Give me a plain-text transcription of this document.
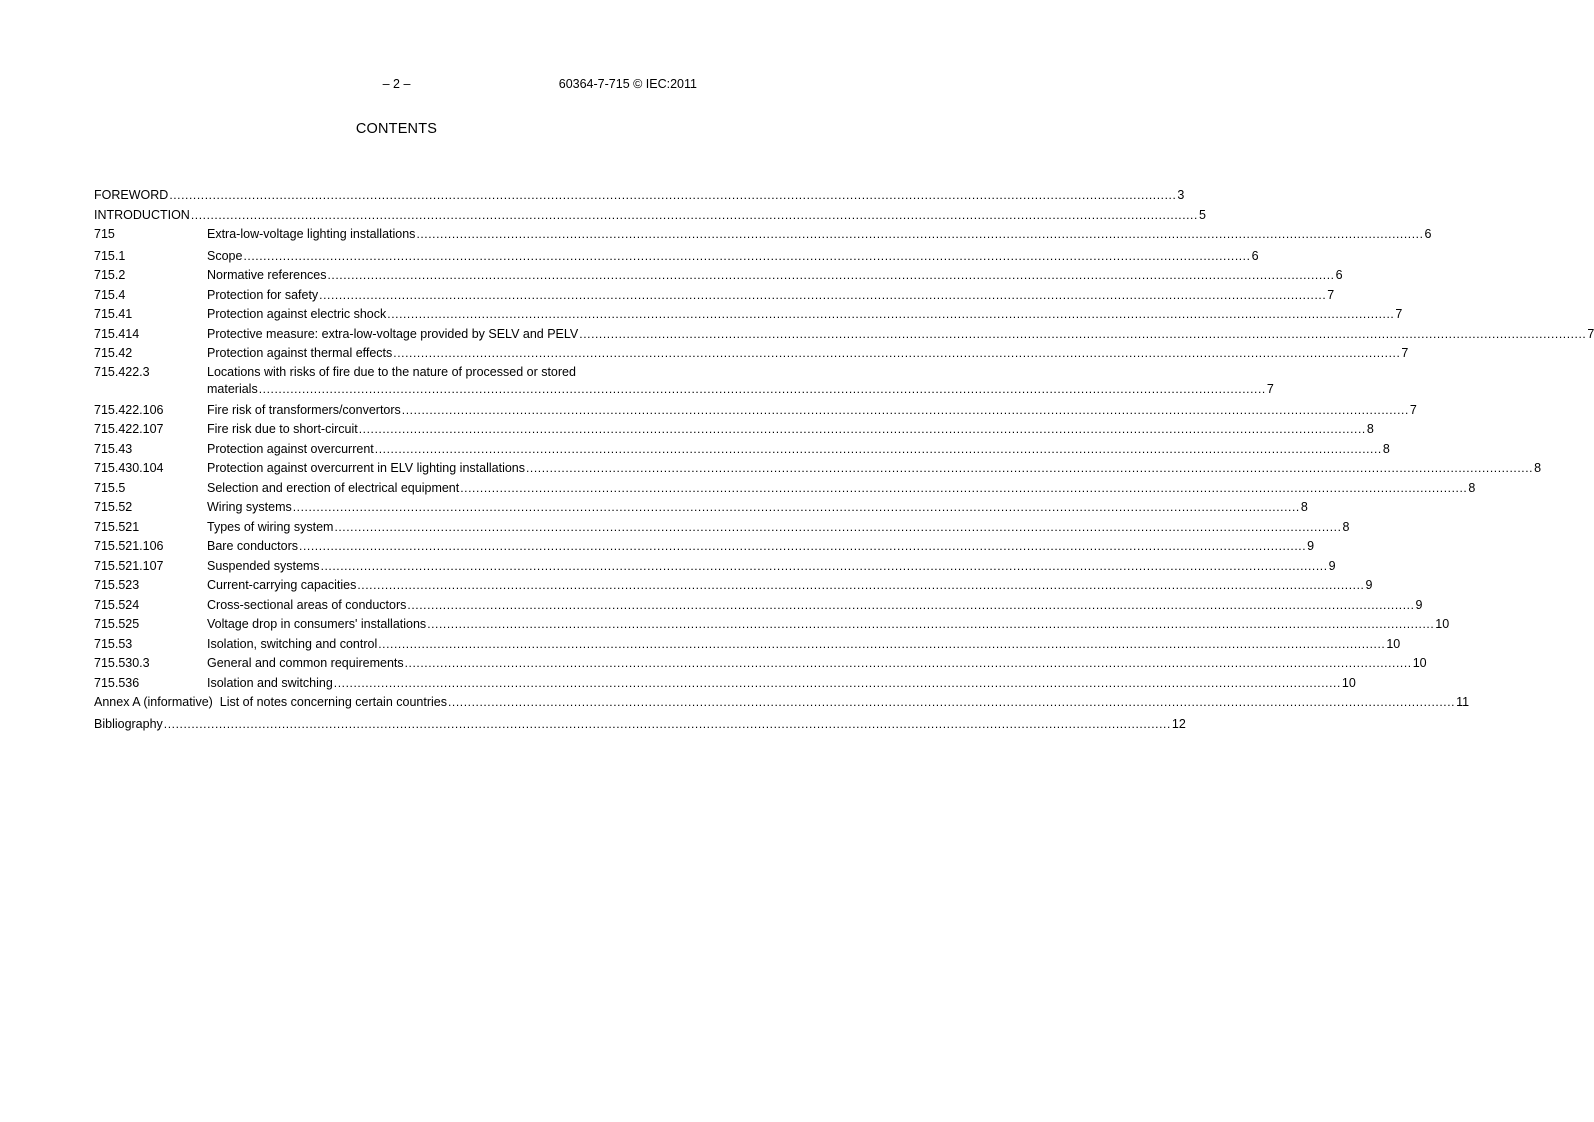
– 2 –	60364-7-715 © IEC:2011
CONTENTS
FOREWORD .....	3
INTRODUCTION .....	5
715	Extra-low-voltage lighting installations .....	6
715.1	Scope .....	6
715.2	Normative references .....	6
715.4	Protection for safety .....	7
715.41	Protection against electric shock .....	7
715.414	Protective measure: extra-low-voltage provided by SELV and PELV .....	7
715.42	Protection against thermal effects .....	7
715.422.3	Locations with risks of fire due to the nature of processed or stored
materials .....	7
715.422.106	Fire risk of transformers/convertors .....	7
715.422.107	Fire risk due to short-circuit .....	8
715.43	Protection against overcurrent .....	8
715.430.104	Protection against overcurrent in ELV lighting installations .....	8
715.5	Selection and erection of electrical equipment .....	8
715.52	Wiring systems .....	8
715.521	Types of wiring system .....	8
715.521.106	Bare conductors .....	9
715.521.107	Suspended systems .....	9
715.523	Current-carrying capacities .....	9
715.524	Cross-sectional areas of conductors .....	9
715.525	Voltage drop in consumers' installations .....	10
715.53	Isolation, switching and control .....	10
715.530.3	General and common requirements .....	10
715.536	Isolation and switching .....	10
Annex A (informative)  List of notes concerning certain countries .....	11
Bibliography .....	12
